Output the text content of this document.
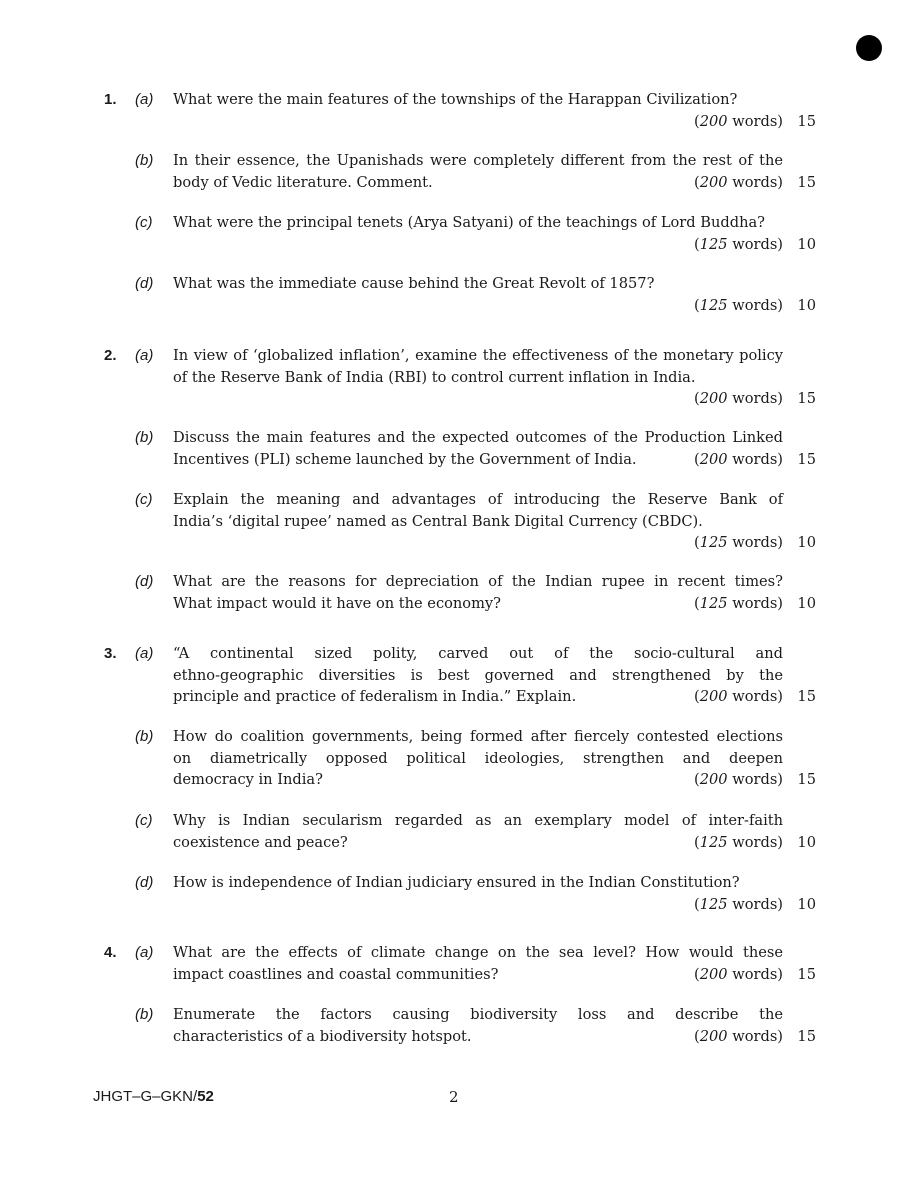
1. (a) What were the main features of the townships of the Harappan Civilization?
(200 words) 15
(b) In their essence, the Upanishads were completely different from the rest of the
body of Vedic literature. Comment.	(200 words) 15
(c) What were the principal tenets (Arya Satyani) of the teachings of Lord Buddha?
(125 words) 10
(d) What was the immediate cause behind the Great Revolt of 1857?
(125 words) 10
2. (a) In view of ‘globalized inflation’, examine the effectiveness of the monetary policy
of the Reserve Bank of India (RBI) to control current inflation in India.
(200 words) 15
(b) Discuss the main features and the expected outcomes of the Production Linked
Incentives (PLI) scheme launched by the Government of India.	(200 words) 15
(c) Explain the meaning and advantages of introducing the Reserve Bank of
India’s ‘digital rupee’ named as Central Bank Digital Currency (CBDC).
(125 words) 10
(d) What are the reasons for depreciation of the Indian rupee in recent times?
What impact would it have on the economy?	(125 words) 10
3. (a) “A continental sized polity, carved out of the socio-cultural and
ethno-geographic diversities is best governed and strengthened by the
principle and practice of federalism in India.” Explain.	(200 words) 15
(b) How do coalition governments, being formed after fiercely contested elections
on diametrically opposed political ideologies, strengthen and deepen
democracy in India?	(200 words) 15
(c) Why is Indian secularism regarded as an exemplary model of inter-faith
coexistence and peace?	(125 words) 10
(d) How is independence of Indian judiciary ensured in the Indian Constitution?
(125 words) 10
4. (a) What are the effects of climate change on the sea level? How would these
impact coastlines and coastal communities?	(200 words) 15
(b) Enumerate the factors causing biodiversity loss and describe the
characteristics of a biodiversity hotspot.	(200 words) 15
JHGT–G–GKN/52	2
